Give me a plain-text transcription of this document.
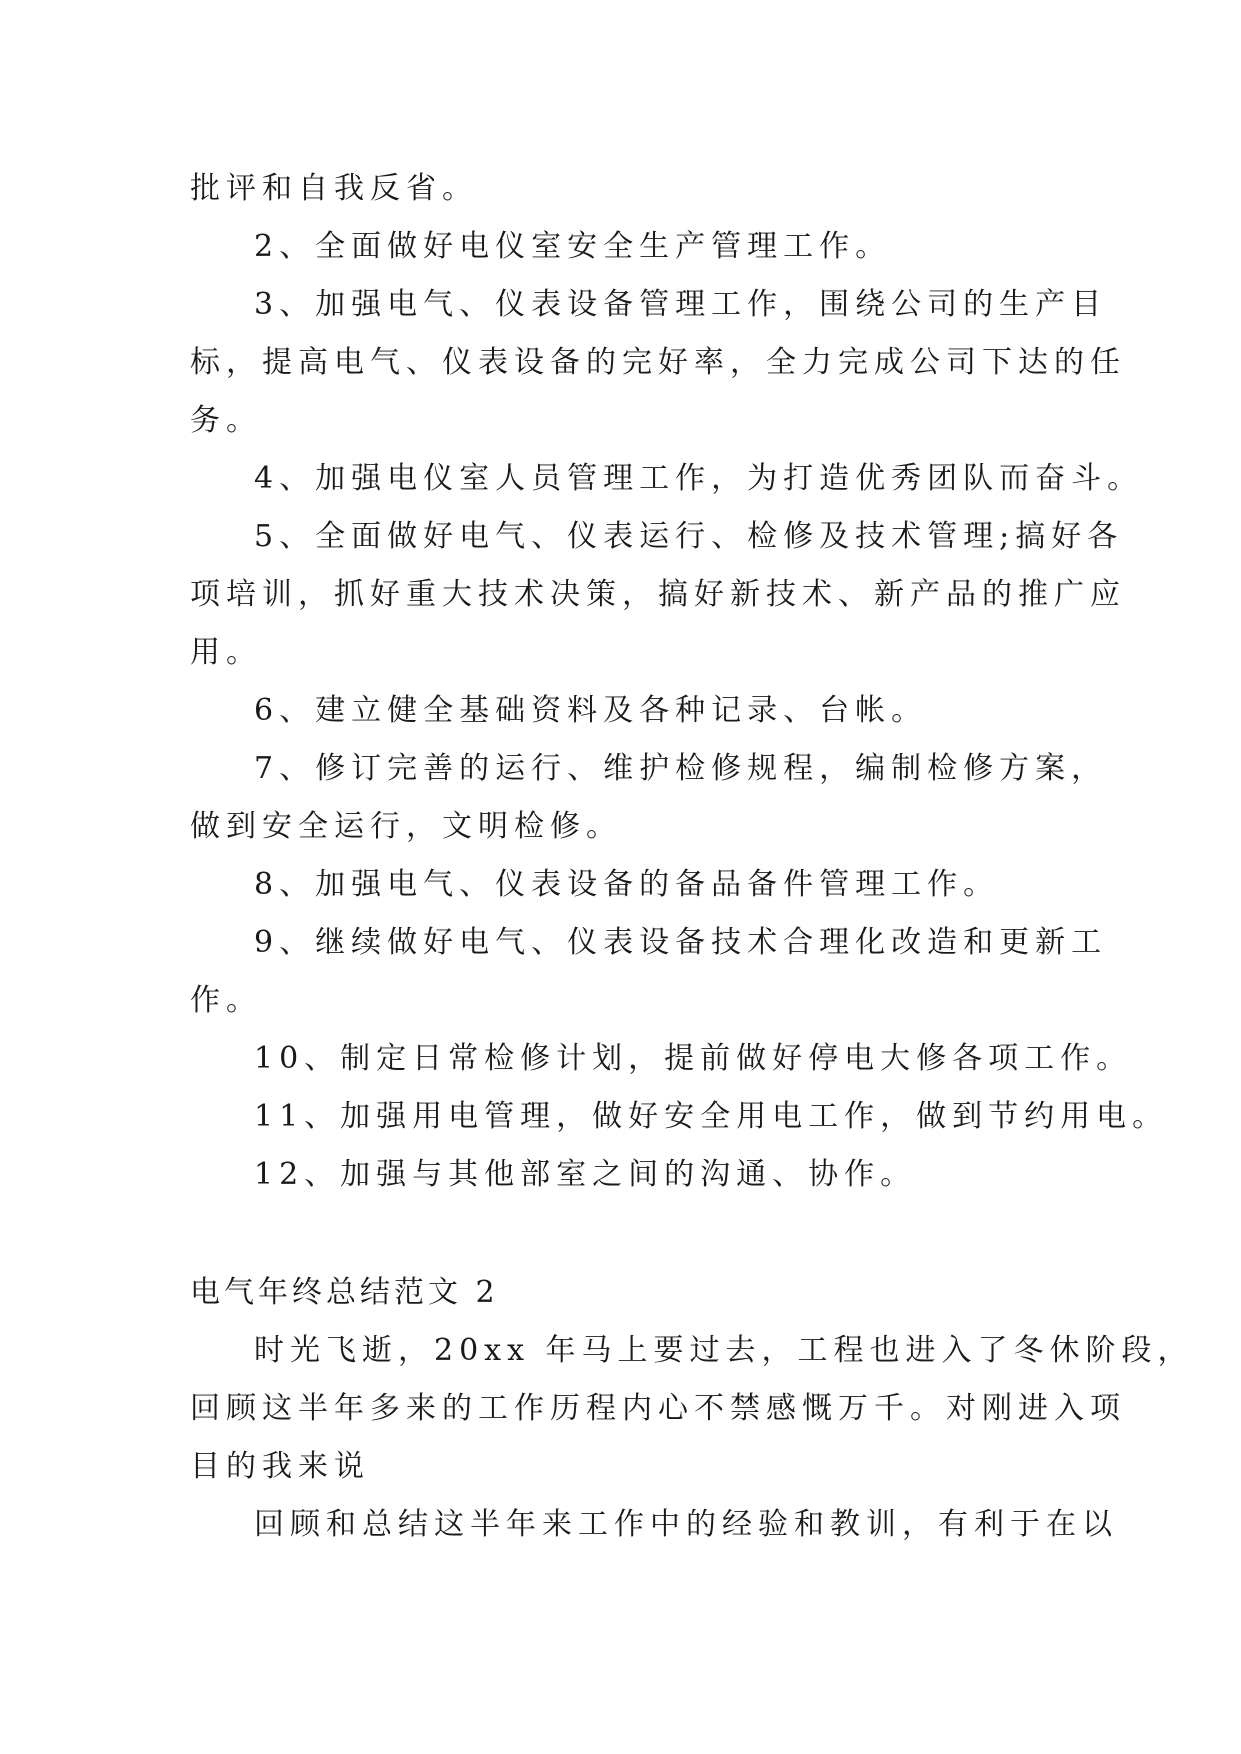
批评和自我反省。
2、全面做好电仪室安全生产管理工作。
3、加强电气、仪表设备管理工作，围绕公司的生产目
标，提高电气、仪表设备的完好率，全力完成公司下达的任
务。
4、加强电仪室人员管理工作，为打造优秀团队而奋斗。
5、全面做好电气、仪表运行、检修及技术管理;搞好各
项培训，抓好重大技术决策，搞好新技术、新产品的推广应
用。
6、建立健全基础资料及各种记录、台帐。
7、修订完善的运行、维护检修规程，编制检修方案，
做到安全运行，文明检修。
8、加强电气、仪表设备的备品备件管理工作。
9、继续做好电气、仪表设备技术合理化改造和更新工
作。
10、制定日常检修计划，提前做好停电大修各项工作。
11、加强用电管理，做好安全用电工作，做到节约用电。
12、加强与其他部室之间的沟通、协作。
电气年终总结范文 2
时光飞逝，20xx 年马上要过去，工程也进入了冬休阶段，
回顾这半年多来的工作历程内心不禁感慨万千。对刚进入项
目的我来说
回顾和总结这半年来工作中的经验和教训，有利于在以
